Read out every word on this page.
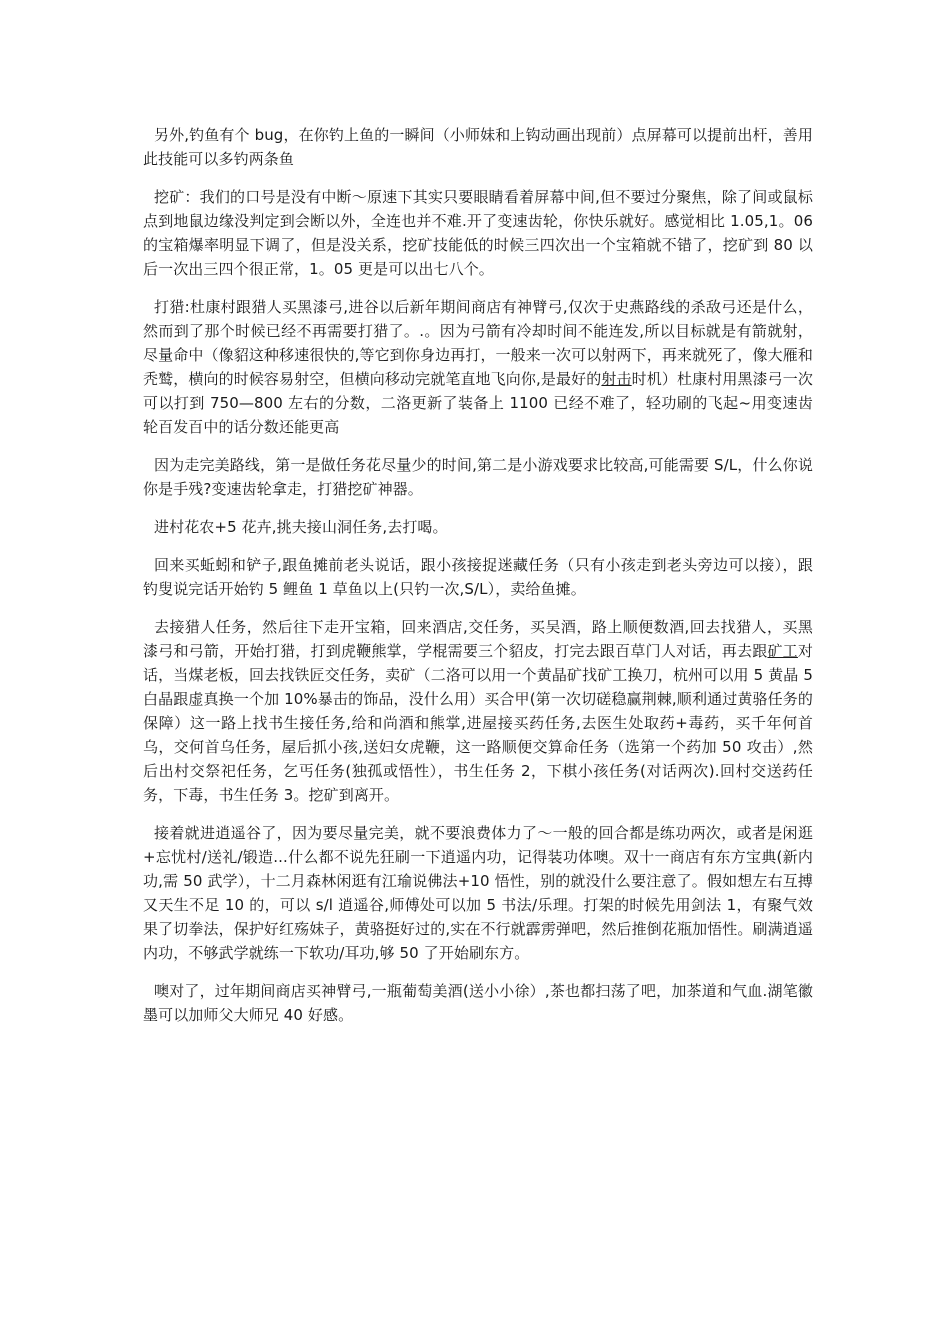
另外,钓鱼有个 bug，在你钓上鱼的一瞬间（小师妹和上钩动画出现前）点屏幕可以提前出杆，善用此技能可以多钓两条鱼

挖矿：我们的口号是没有中断～原速下其实只要眼睛看着屏幕中间,但不要过分聚焦，除了间或鼠标点到地鼠边缘没判定到会断以外，全连也并不难.开了变速齿轮，你快乐就好。感觉相比 1.05,1。06 的宝箱爆率明显下调了，但是没关系，挖矿技能低的时候三四次出一个宝箱就不错了，挖矿到 80 以后一次出三四个很正常，1。05 更是可以出七八个。

打猎:杜康村跟猎人买黑漆弓,进谷以后新年期间商店有神臂弓,仅次于史燕路线的杀敌弓还是什么，然而到了那个时候已经不再需要打猎了。.。因为弓箭有冷却时间不能连发,所以目标就是有箭就射，尽量命中（像貂这种移速很快的,等它到你身边再打，一般来一次可以射两下，再来就死了，像大雁和秃鹫，横向的时候容易射空，但横向移动完就笔直地飞向你,是最好的射击时机）杜康村用黑漆弓一次可以打到 750—800 左右的分数，二洛更新了装备上 1100 已经不难了，轻功刷的飞起~用变速齿轮百发百中的话分数还能更高

因为走完美路线，第一是做任务花尽量少的时间,第二是小游戏要求比较高,可能需要 S/L，什么你说你是手残?变速齿轮拿走，打猎挖矿神器。

进村花农+5 花卉,挑夫接山洞任务,去打喝。

回来买蚯蚓和铲子,跟鱼摊前老头说话，跟小孩接捉迷藏任务（只有小孩走到老头旁边可以接），跟钓叟说完话开始钓 5 鲤鱼 1 草鱼以上(只钓一次,S/L），卖给鱼摊。

去接猎人任务，然后往下走开宝箱，回来酒店,交任务，买吴酒，路上顺便数酒,回去找猎人，买黑漆弓和弓箭，开始打猎，打到虎鞭熊掌，学棍需要三个貂皮，打完去跟百草门人对话，再去跟矿工对话，当煤老板，回去找铁匠交任务，卖矿（二洛可以用一个黄晶矿找矿工换刀，杭州可以用 5 黄晶 5 白晶跟虚真换一个加 10%暴击的饰品，没什么用）买合甲(第一次切磋稳赢荆棘,顺利通过黄骆任务的保障）这一路上找书生接任务,给和尚酒和熊掌,进屋接买药任务,去医生处取药+毒药，买千年何首乌，交何首乌任务，屋后抓小孩,送妇女虎鞭，这一路顺便交算命任务（选第一个药加 50 攻击）,然后出村交祭祀任务，乞丐任务(独孤或悟性），书生任务 2，下棋小孩任务(对话两次).回村交送药任务，下毒，书生任务 3。挖矿到离开。

接着就进逍遥谷了，因为要尽量完美，就不要浪费体力了～一般的回合都是练功两次，或者是闲逛+忘忧村/送礼/锻造...什么都不说先狂刷一下逍遥内功，记得装功体噢。双十一商店有东方宝典(新内功,需 50 武学），十二月森林闲逛有江瑜说佛法+10 悟性，别的就没什么要注意了。假如想左右互搏又天生不足 10 的，可以 s/l 逍遥谷,师傅处可以加 5 书法/乐理。打架的时候先用剑法 1，有聚气效果了切拳法，保护好红殇妹子，黄骆挺好过的,实在不行就霹雳弹吧，然后推倒花瓶加悟性。刷满逍遥内功，不够武学就练一下软功/耳功,够 50 了开始刷东方。

噢对了，过年期间商店买神臂弓,一瓶葡萄美酒(送小小徐）,茶也都扫荡了吧，加茶道和气血.湖笔徽墨可以加师父大师兄 40 好感。
